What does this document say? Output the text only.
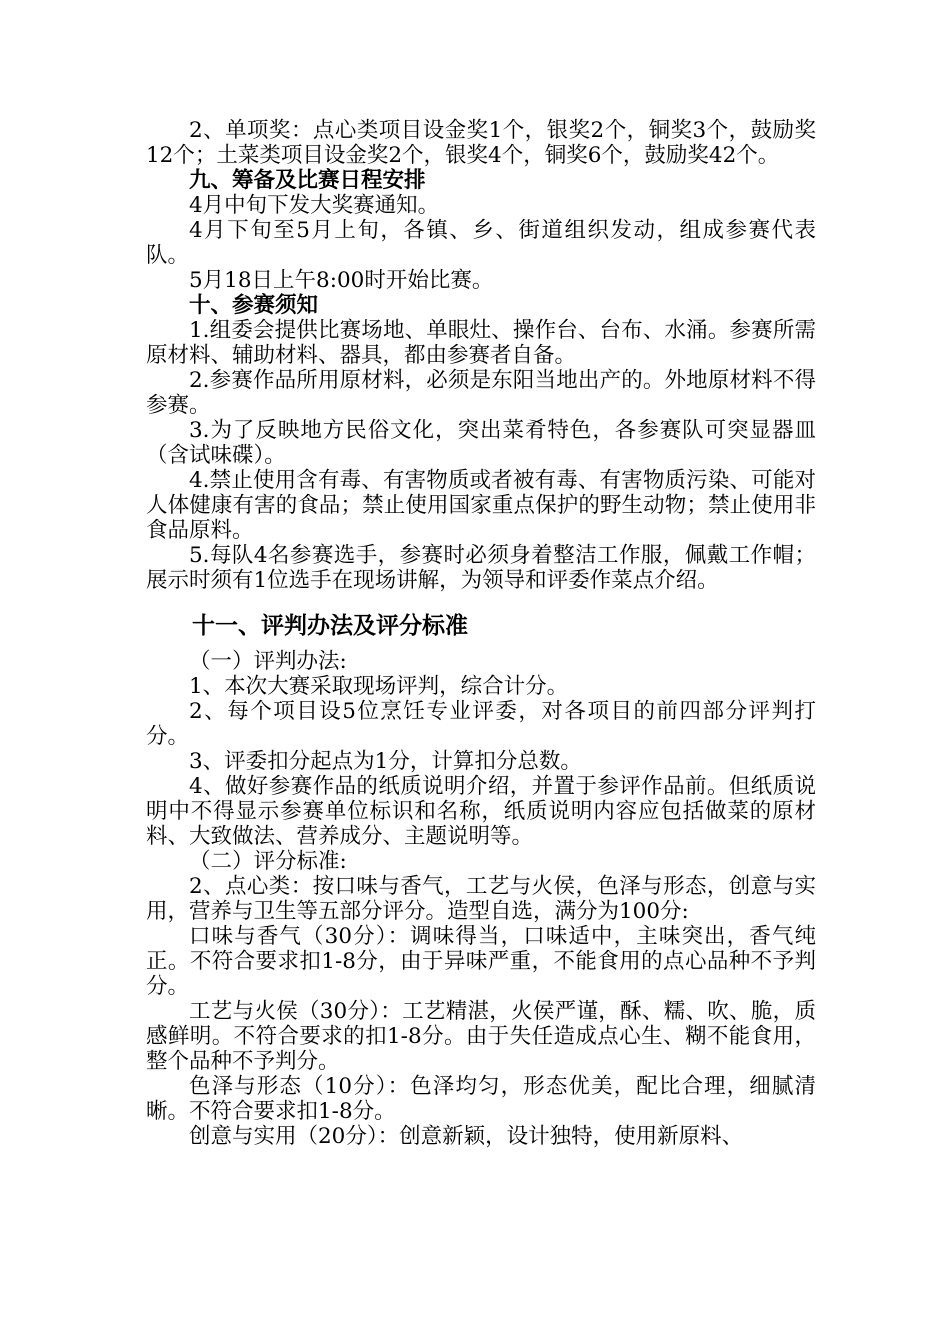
2、单项奖：点心类项目设金奖1个，银奖2个，铜奖3个，鼓励奖12个；土菜类项目设金奖2个，银奖4个，铜奖6个，鼓励奖42个。

九、筹备及比赛日程安排

4月中旬下发大奖赛通知。

4月下旬至5月上旬，各镇、乡、街道组织发动，组成参赛代表队。

5月18日上午8:00时开始比赛。

十、参赛须知

1.组委会提供比赛场地、单眼灶、操作台、台布、水涌。参赛所需原材料、辅助材料、器具，都由参赛者自备。

2.参赛作品所用原材料，必须是东阳当地出产的。外地原材料不得参赛。

3.为了反映地方民俗文化，突出菜肴特色，各参赛队可突显器皿（含试味碟）。

4.禁止使用含有毒、有害物质或者被有毒、有害物质污染、可能对人体健康有害的食品；禁止使用国家重点保护的野生动物；禁止使用非食品原料。

5.每队4名参赛选手，参赛时必须身着整洁工作服，佩戴工作帽；展示时须有1位选手在现场讲解，为领导和评委作菜点介绍。

十一、评判办法及评分标准

（一）评判办法:

1、本次大赛采取现场评判，综合计分。

2、每个项目设5位烹饪专业评委，对各项目的前四部分评判打分。

3、评委扣分起点为1分，计算扣分总数。

4、做好参赛作品的纸质说明介绍，并置于参评作品前。但纸质说明中不得显示参赛单位标识和名称，纸质说明内容应包括做菜的原材料、大致做法、营养成分、主题说明等。

（二）评分标准:

2、点心类：按口味与香气，工艺与火侯，色泽与形态，创意与实用，营养与卫生等五部分评分。造型自选，满分为100分:

口味与香气（30分）：调味得当，口味适中，主味突出，香气纯正。不符合要求扣1-8分，由于异味严重，不能食用的点心品种不予判分。

工艺与火侯（30分）：工艺精湛，火侯严谨，酥、糯、吹、脆，质感鲜明。不符合要求的扣1-8分。由于失任造成点心生、糊不能食用，整个品种不予判分。

色泽与形态（10分）：色泽均匀，形态优美，配比合理，细腻清晰。不符合要求扣1-8分。

创意与实用（20分）：创意新颖，设计独特，使用新原料、
